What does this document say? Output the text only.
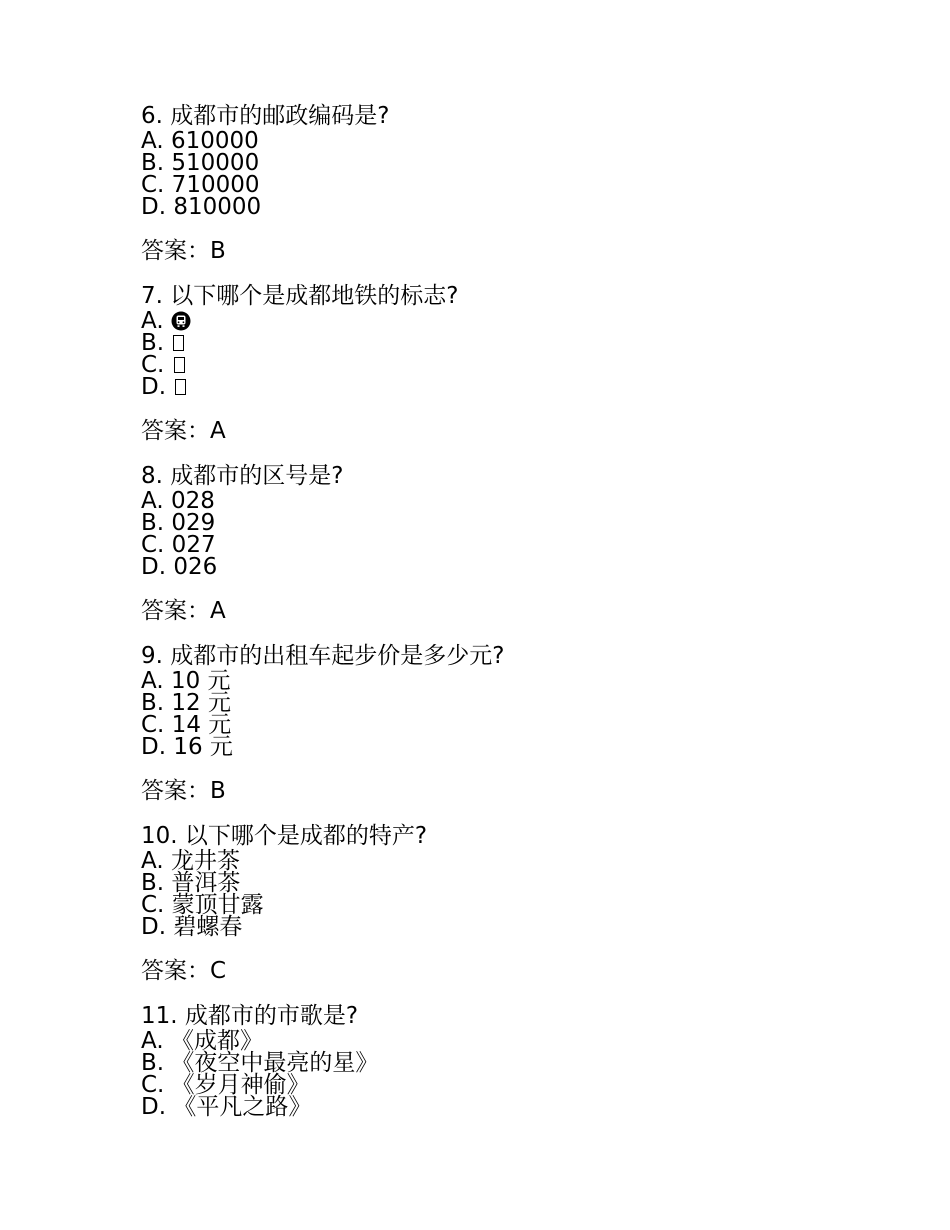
6. 成都市的邮政编码是?
A. 610000
B. 510000
C. 710000
D. 810000
答案：B
7. 以下哪个是成都地铁的标志?
A.
B.
C.
D.
答案：A
8. 成都市的区号是?
A. 028
B. 029
C. 027
D. 026
答案：A
9. 成都市的出租车起步价是多少元?
A. 10 元
B. 12 元
C. 14 元
D. 16 元
答案：B
10. 以下哪个是成都的特产?
A. 龙井茶
B. 普洱茶
C. 蒙顶甘露
D. 碧螺春
答案：C
11. 成都市的市歌是?
A. 《成都》
B. 《夜空中最亮的星》
C. 《岁月神偷》
D. 《平凡之路》
